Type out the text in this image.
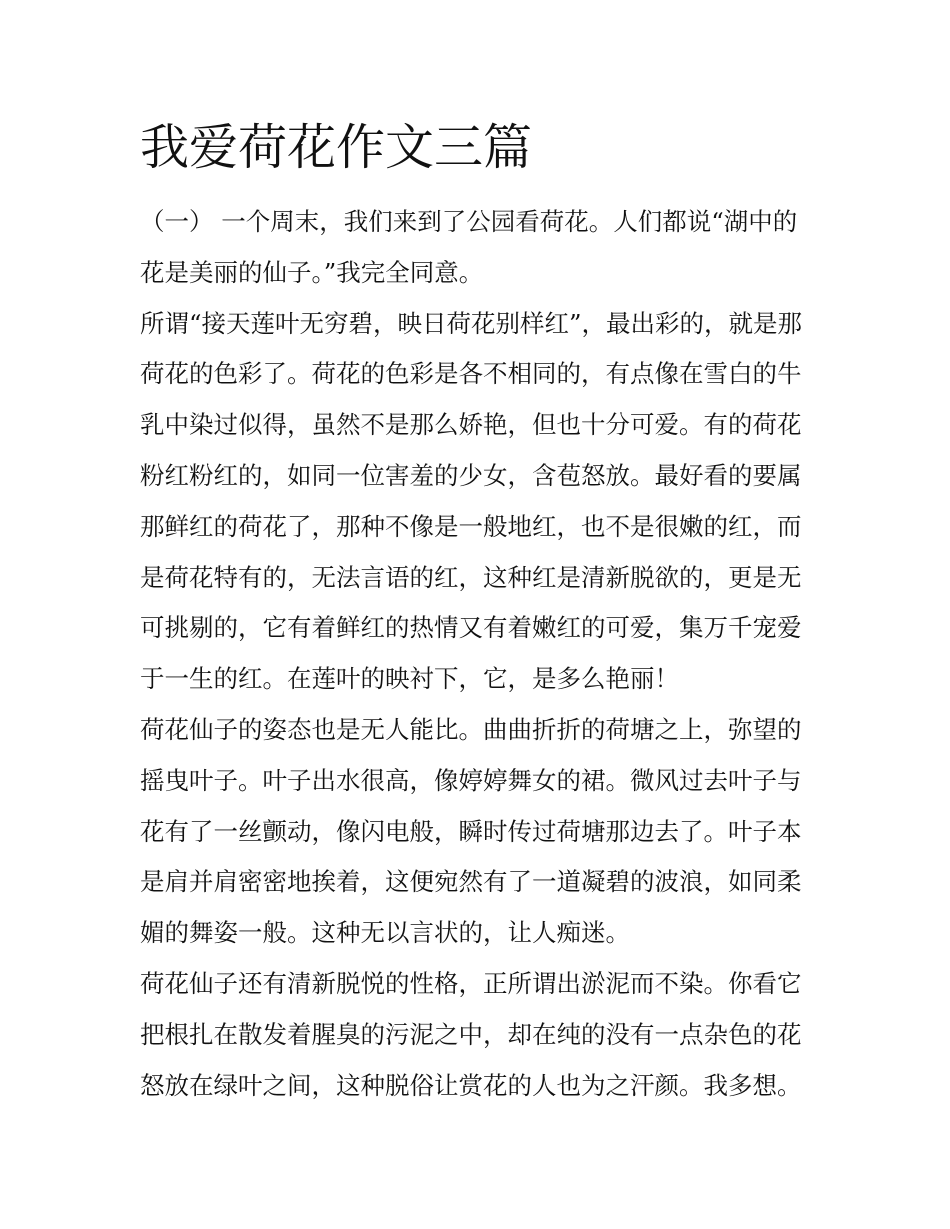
我爱荷花作文三篇
（一） 一个周末，我们来到了公园看荷花。人们都说“湖中的
花是美丽的仙子。”我完全同意。
所谓“接天莲叶无穷碧，映日荷花别样红”，最出彩的，就是那
荷花的色彩了。荷花的色彩是各不相同的，有点像在雪白的牛
乳中染过似得，虽然不是那么娇艳，但也十分可爱。有的荷花
粉红粉红的，如同一位害羞的少女，含苞怒放。最好看的要属
那鲜红的荷花了，那种不像是一般地红，也不是很嫩的红，而
是荷花特有的，无法言语的红，这种红是清新脱欲的，更是无
可挑剔的，它有着鲜红的热情又有着嫩红的可爱，集万千宠爱
于一生的红。在莲叶的映衬下，它，是多么艳丽！
荷花仙子的姿态也是无人能比。曲曲折折的荷塘之上，弥望的
摇曳叶子。叶子出水很高，像婷婷舞女的裙。微风过去叶子与
花有了一丝颤动，像闪电般，瞬时传过荷塘那边去了。叶子本
是肩并肩密密地挨着，这便宛然有了一道凝碧的波浪，如同柔
媚的舞姿一般。这种无以言状的，让人痴迷。
荷花仙子还有清新脱悦的性格，正所谓出淤泥而不染。你看它
把根扎在散发着腥臭的污泥之中，却在纯的没有一点杂色的花
怒放在绿叶之间，这种脱俗让赏花的人也为之汗颜。我多想。
